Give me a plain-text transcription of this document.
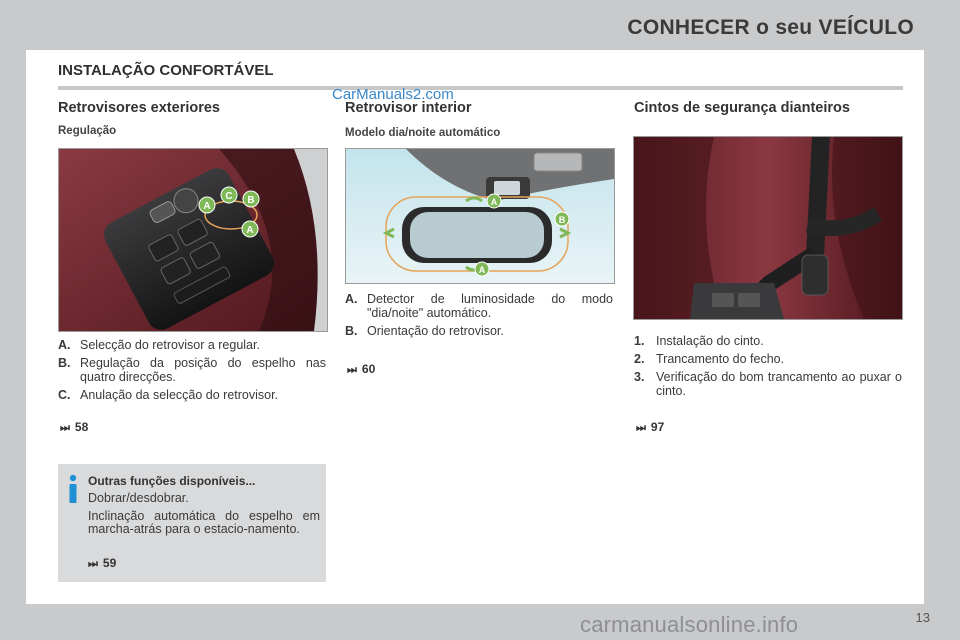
CONHECER o seu VEÍCULO
INSTALAÇÃO CONFORTÁVEL
CarManuals2.com
Retrovisores exteriores
Regulação
A
C B
A
A. Selecção do retrovisor a regular.
B. Regulação da posição do espelho nas quatro direcções.
C. Anulação da selecção do retrovisor.
⏭ 58
Retrovisor interior
Modelo dia/noite automático
A
B
A
A. Detector de luminosidade do modo "dia/noite" automático.
B. Orientação do retrovisor.
⏭ 60
Cintos de segurança dianteiros
1. Instalação do cinto.
2. Trancamento do fecho.
3. Verificação do bom trancamento ao puxar o cinto.
⏭ 97
Outras funções disponíveis...
Dobrar/desdobrar.
Inclinação automática do espelho em marcha-atrás para o estacio-namento.
⏭ 59
13
carmanualsonline.info
